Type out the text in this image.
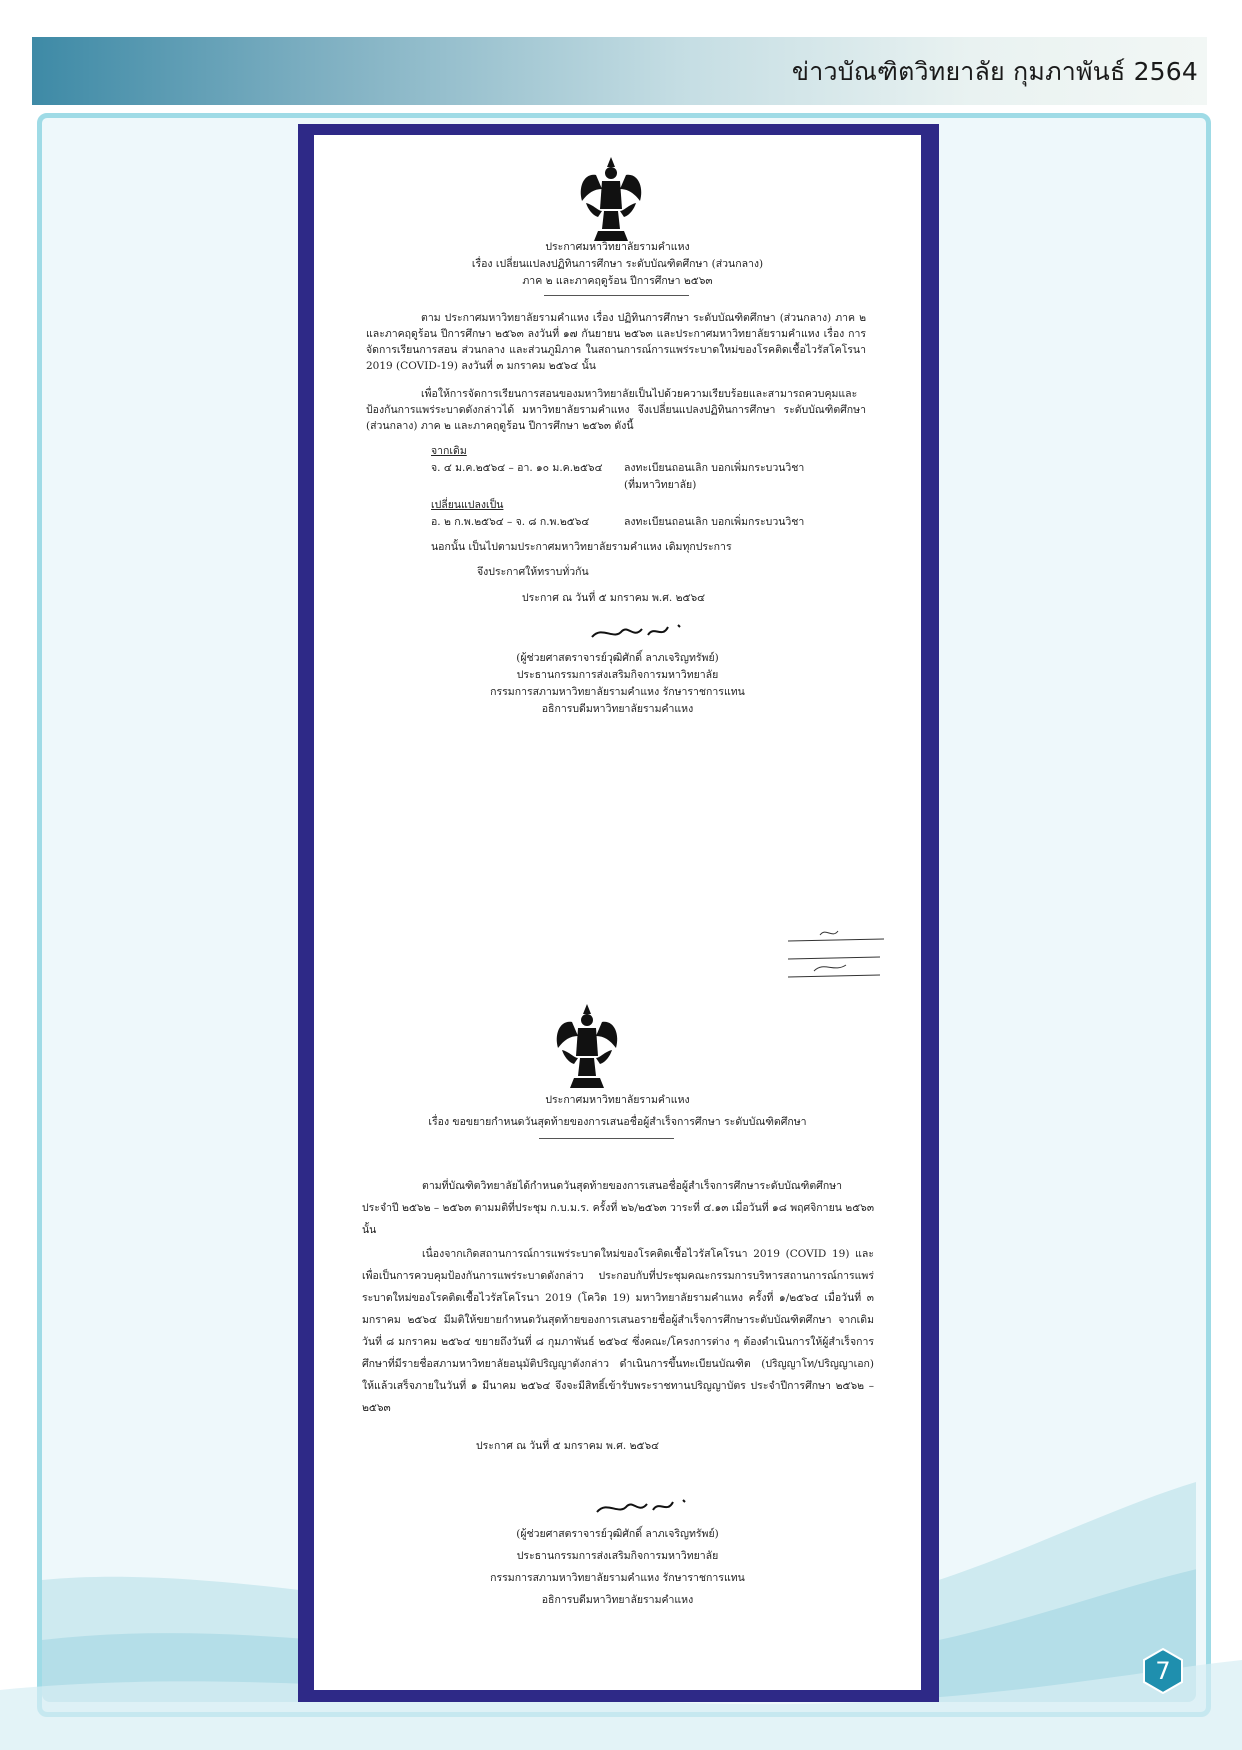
ข่าวบัณฑิตวิทยาลัย กุมภาพันธ์ 2564
ประกาศมหาวิทยาลัยรามคำแหง
เรื่อง เปลี่ยนแปลงปฏิทินการศึกษา ระดับบัณฑิตศึกษา (ส่วนกลาง)
ภาค ๒ และภาคฤดูร้อน ปีการศึกษา ๒๕๖๓
ตาม ประกาศมหาวิทยาลัยรามคำแหง เรื่อง ปฏิทินการศึกษา ระดับบัณฑิตศึกษา (ส่วนกลาง) ภาค ๒ และภาคฤดูร้อน ปีการศึกษา ๒๕๖๓ ลงวันที่ ๑๗ กันยายน ๒๕๖๓ และประกาศมหาวิทยาลัยรามคำแหง เรื่อง การจัดการเรียนการสอน ส่วนกลาง และส่วนภูมิภาค ในสถานการณ์การแพร่ระบาดใหม่ของโรคติดเชื้อไวรัสโคโรนา 2019 (COVID-19) ลงวันที่ ๓ มกราคม ๒๕๖๔ นั้น
เพื่อให้การจัดการเรียนการสอนของมหาวิทยาลัยเป็นไปด้วยความเรียบร้อยและสามารถควบคุมและป้องกันการแพร่ระบาดดังกล่าวได้ มหาวิทยาลัยรามคำแหง จึงเปลี่ยนแปลงปฏิทินการศึกษา ระดับบัณฑิตศึกษา (ส่วนกลาง) ภาค ๒ และภาคฤดูร้อน ปีการศึกษา ๒๕๖๓ ดังนี้
จากเดิม
จ. ๔ ม.ค.๒๕๖๔ – อา. ๑๐ ม.ค.๒๕๖๔ ลงทะเบียนถอนเลิก บอกเพิ่มกระบวนวิชา
(ที่มหาวิทยาลัย)
เปลี่ยนแปลงเป็น
อ. ๒ ก.พ.๒๕๖๔ – จ. ๘ ก.พ.๒๕๖๔	ลงทะเบียนถอนเลิก บอกเพิ่มกระบวนวิชา
นอกนั้น เป็นไปตามประกาศมหาวิทยาลัยรามคำแหง เดิมทุกประการ
จึงประกาศให้ทราบทั่วกัน
ประกาศ ณ วันที่ ๕ มกราคม พ.ศ. ๒๕๖๔
(ผู้ช่วยศาสตราจารย์วุฒิศักดิ์ ลาภเจริญทรัพย์)
ประธานกรรมการส่งเสริมกิจการมหาวิทยาลัย
กรรมการสภามหาวิทยาลัยรามคำแหง รักษาราชการแทน
อธิการบดีมหาวิทยาลัยรามคำแหง
ประกาศมหาวิทยาลัยรามคำแหง
เรื่อง ขอขยายกำหนดวันสุดท้ายของการเสนอชื่อผู้สำเร็จการศึกษา ระดับบัณฑิตศึกษา
ตามที่บัณฑิตวิทยาลัยได้กำหนดวันสุดท้ายของการเสนอชื่อผู้สำเร็จการศึกษาระดับบัณฑิตศึกษา ประจำปี ๒๕๖๒ – ๒๕๖๓ ตามมติที่ประชุม ก.บ.ม.ร. ครั้งที่ ๒๖/๒๕๖๓ วาระที่ ๔.๑๓ เมื่อวันที่ ๑๘ พฤศจิกายน ๒๕๖๓ นั้น
เนื่องจากเกิดสถานการณ์การแพร่ระบาดใหม่ของโรคติดเชื้อไวรัสโคโรนา 2019 (COVID 19) และเพื่อเป็นการควบคุมป้องกันการแพร่ระบาดดังกล่าว ประกอบกับที่ประชุมคณะกรรมการบริหารสถานการณ์การแพร่ระบาดใหม่ของโรคติดเชื้อไวรัสโคโรนา 2019 (โควิด 19) มหาวิทยาลัยรามคำแหง ครั้งที่ ๑/๒๕๖๔ เมื่อวันที่ ๓ มกราคม ๒๕๖๔ มีมติให้ขยายกำหนดวันสุดท้ายของการเสนอรายชื่อผู้สำเร็จการศึกษาระดับบัณฑิตศึกษา จากเดิมวันที่ ๘ มกราคม ๒๕๖๔ ขยายถึงวันที่ ๘ กุมภาพันธ์ ๒๕๖๔ ซึ่งคณะ/โครงการต่าง ๆ ต้องดำเนินการให้ผู้สำเร็จการศึกษาที่มีรายชื่อสภามหาวิทยาลัยอนุมัติปริญญาดังกล่าว ดำเนินการขึ้นทะเบียนบัณฑิต (ปริญญาโท/ปริญญาเอก) ให้แล้วเสร็จภายในวันที่ ๑ มีนาคม ๒๕๖๔ จึงจะมีสิทธิ์เข้ารับพระราชทานปริญญาบัตร ประจำปีการศึกษา ๒๕๖๒ – ๒๕๖๓
ประกาศ ณ วันที่ ๕ มกราคม พ.ศ. ๒๕๖๔
(ผู้ช่วยศาสตราจารย์วุฒิศักดิ์ ลาภเจริญทรัพย์)
ประธานกรรมการส่งเสริมกิจการมหาวิทยาลัย
กรรมการสภามหาวิทยาลัยรามคำแหง รักษาราชการแทน
อธิการบดีมหาวิทยาลัยรามคำแหง
7
